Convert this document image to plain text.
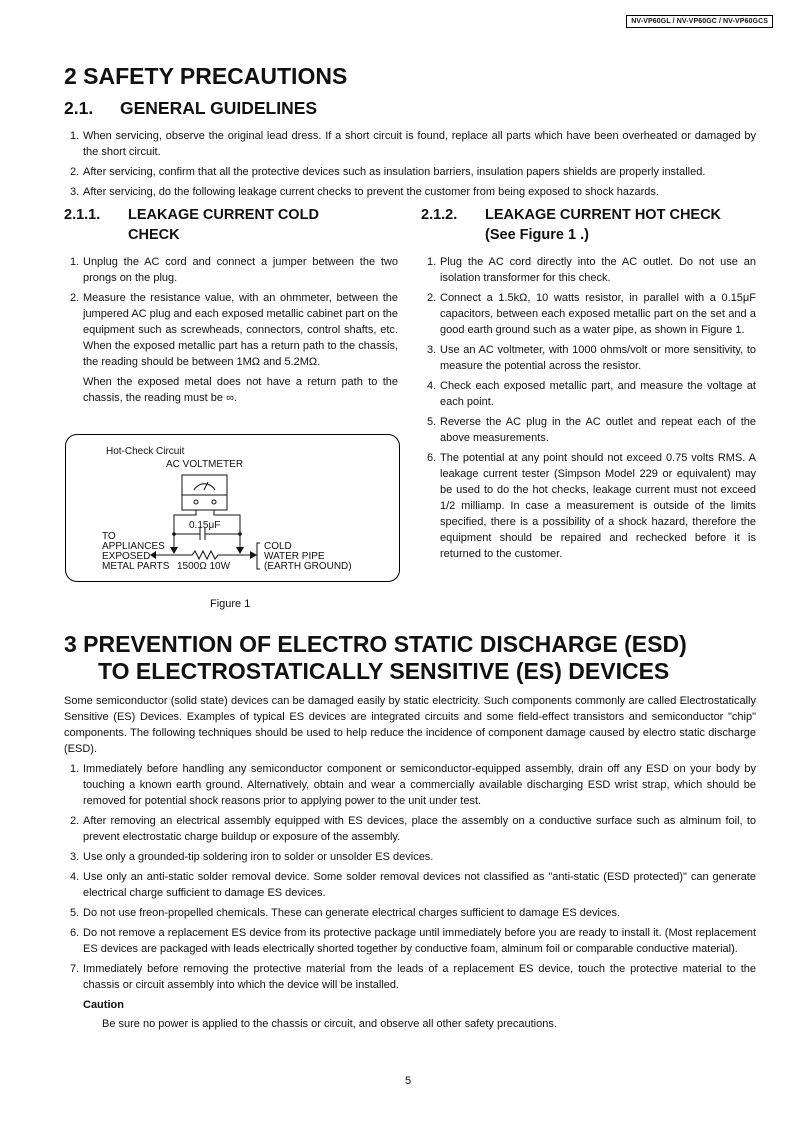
NV-VP60GL / NV-VP60GC / NV-VP60GCS
2 SAFETY PRECAUTIONS
2.1. GENERAL GUIDELINES
1. When servicing, observe the original lead dress. If a short circuit is found, replace all parts which have been overheated or damaged by the short circuit.
2. After servicing, confirm that all the protective devices such as insulation barriers, insulation papers shields are properly installed.
3. After servicing, do the following leakage current checks to prevent the customer from being exposed to shock hazards.
2.1.1. LEAKAGE CURRENT COLD
CHECK
2.1.2. LEAKAGE CURRENT HOT CHECK
(See Figure 1 .)
1. Unplug the AC cord and connect a jumper between the two prongs on the plug.
2. Measure the resistance value, with an ohmmeter, between the jumpered AC plug and each exposed metallic cabinet part on the equipment such as screwheads, connectors, control shafts, etc. When the exposed metallic part has a return path to the chassis, the reading should be between 1MΩ and 5.2MΩ.

When the exposed metal does not have a return path to the chassis, the reading must be ∞.

Hot-Check Circuit
AC VOLTMETER
0.15μF
TO
APPLIANCES
EXPOSED
METAL PARTS 1500Ω 10W
COLD
WATER PIPE
(EARTH GROUND)
Figure 1
1. Plug the AC cord directly into the AC outlet. Do not use an isolation transformer for this check.
2. Connect a 1.5kΩ, 10 watts resistor, in parallel with a 0.15μF capacitors, between each exposed metallic part on the set and a good earth ground such as a water pipe, as shown in Figure 1.
3. Use an AC voltmeter, with 1000 ohms/volt or more sensitivity, to measure the potential across the resistor.
4. Check each exposed metallic part, and measure the voltage at each point.
5. Reverse the AC plug in the AC outlet and repeat each of the above measurements.
6. The potential at any point should not exceed 0.75 volts RMS. A leakage current tester (Simpson Model 229 or equivalent) may be used to do the hot checks, leakage current must not exceed 1/2 milliamp. In case a measurement is outside of the limits specified, there is a possibility of a shock hazard, therefore the equipment should be repaired and rechecked before it is returned to the customer.
3 PREVENTION OF ELECTRO STATIC DISCHARGE (ESD)
TO ELECTROSTATICALLY SENSITIVE (ES) DEVICES

Some semiconductor (solid state) devices can be damaged easily by static electricity. Such components commonly are called Electrostatically Sensitive (ES) Devices. Examples of typical ES devices are integrated circuits and some field-effect transistors and semiconductor "chip" components. The following techniques should be used to help reduce the incidence of component damage caused by electro static discharge (ESD).

1. Immediately before handling any semiconductor component or semiconductor-equipped assembly, drain off any ESD on your body by touching a known earth ground. Alternatively, obtain and wear a commercially available discharging ESD wrist strap, which should be removed for potential shock reasons prior to applying power to the unit under test.
2. After removing an electrical assembly equipped with ES devices, place the assembly on a conductive surface such as alminum foil, to prevent electrostatic charge buildup or exposure of the assembly.
3. Use only a grounded-tip soldering iron to solder or unsolder ES devices.
4. Use only an anti-static solder removal device. Some solder removal devices not classified as "anti-static (ESD protected)" can generate electrical charge sufficient to damage ES devices.
5. Do not use freon-propelled chemicals. These can generate electrical charges sufficient to damage ES devices.
6. Do not remove a replacement ES device from its protective package until immediately before you are ready to install it. (Most replacement ES devices are packaged with leads electrically shorted together by conductive foam, alminum foil or comparable conductive material).
7. Immediately before removing the protective material from the leads of a replacement ES device, touch the protective material to the chassis or circuit assembly into which the device will be installed.
Caution
Be sure no power is applied to the chassis or circuit, and observe all other safety precautions.
5
